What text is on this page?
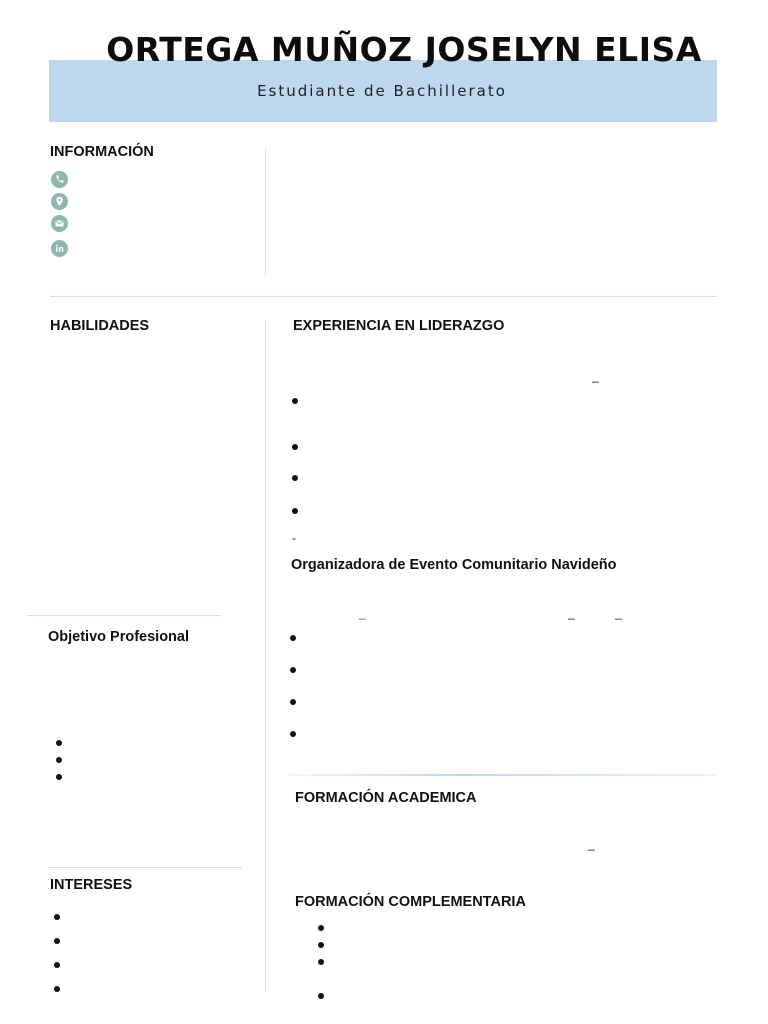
ORTEGA MUÑOZ JOSELYN ELISA
Estudiante de Bachillerato
INFORMACIÓN
HABILIDADES
Objetivo Profesional
INTERESES
EXPERIENCIA EN LIDERAZGO
_
-
Organizadora de Evento Comunitario Navideño
_	_	_
FORMACIÓN ACADEMICA
_
FORMACIÓN COMPLEMENTARIA
